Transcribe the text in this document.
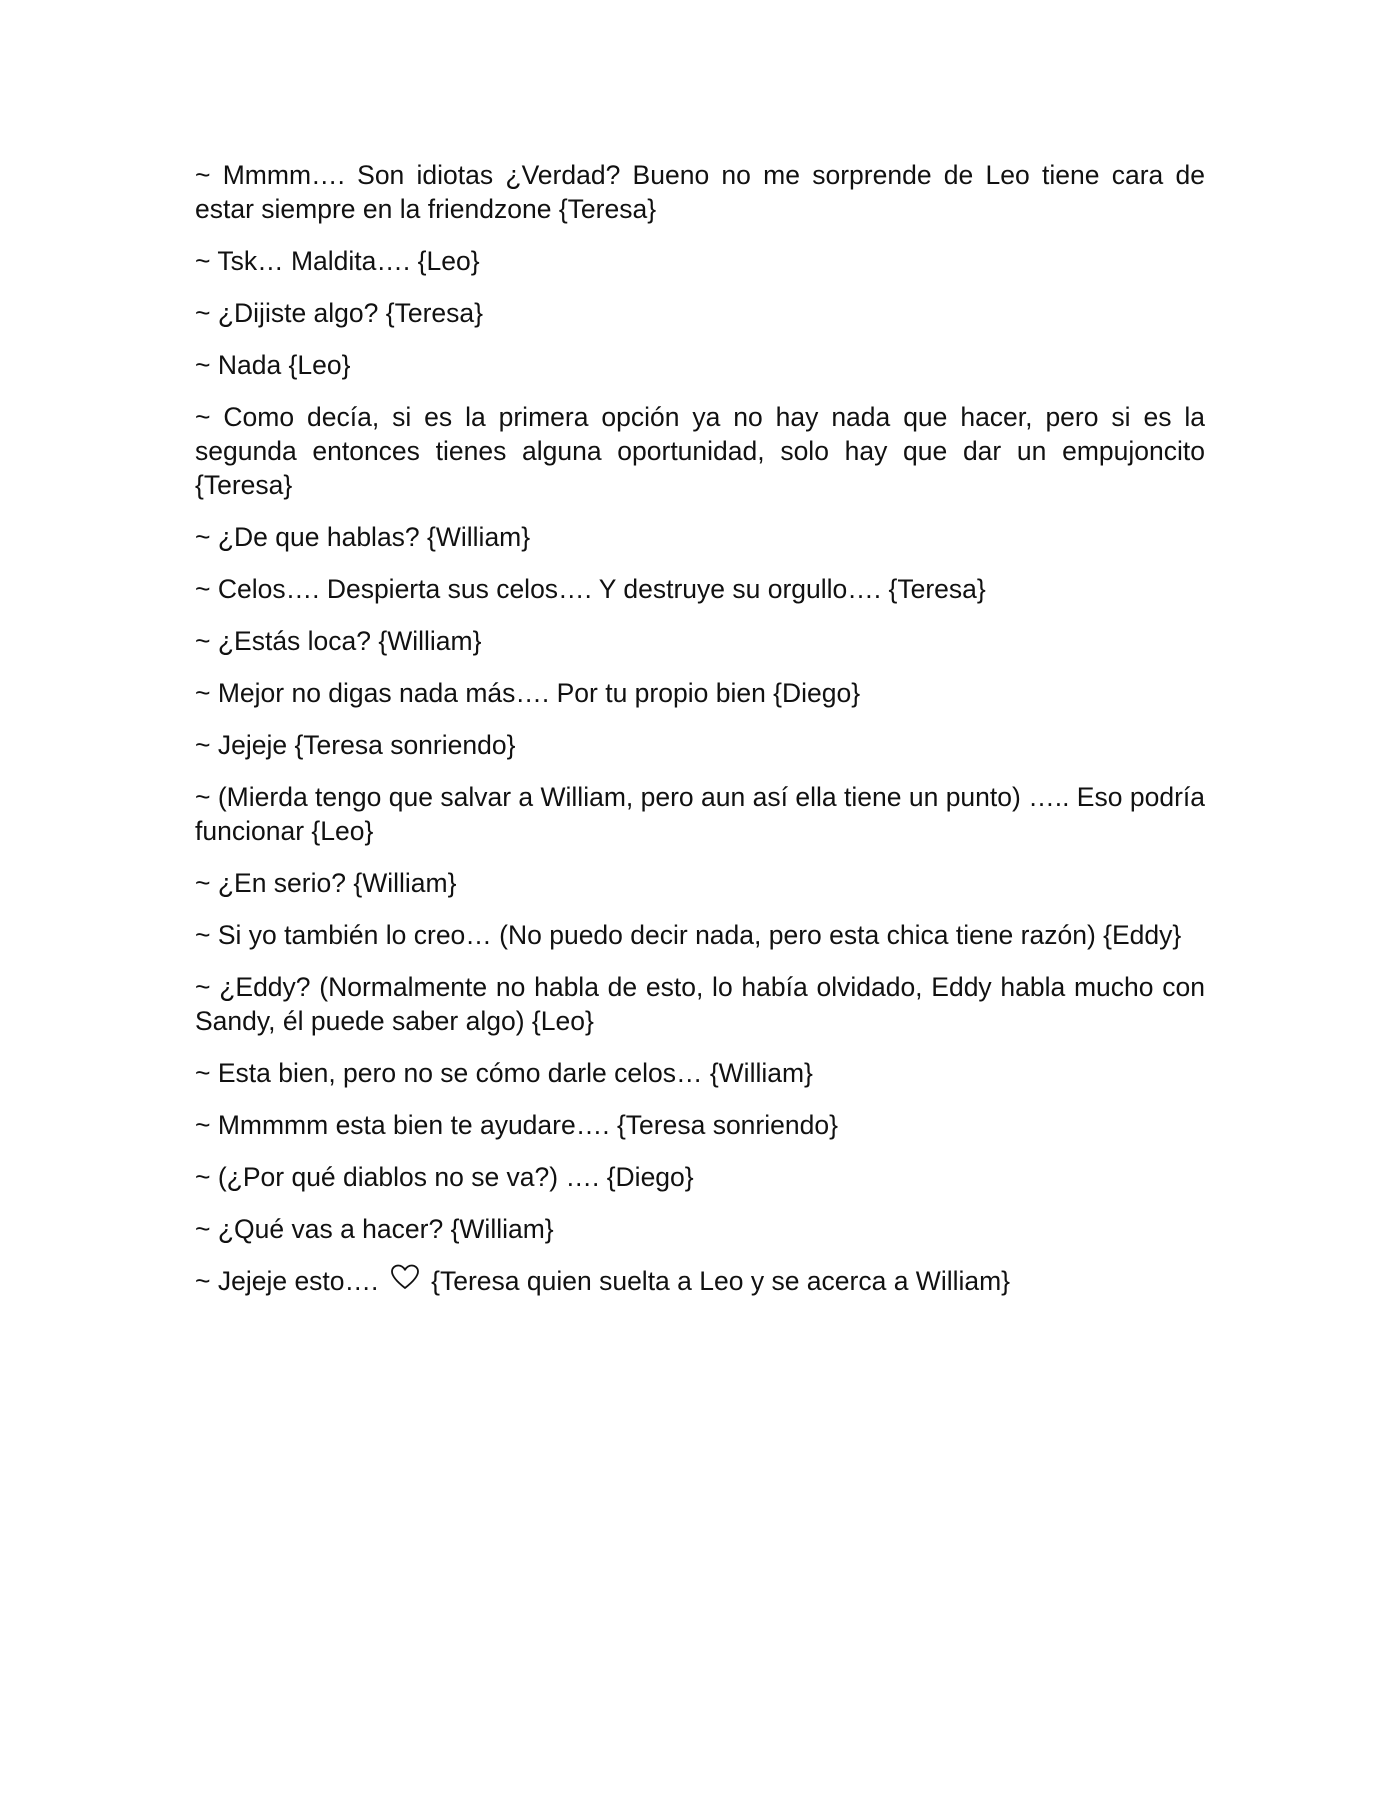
~ Mmmm…. Son idiotas ¿Verdad? Bueno no me sorprende de Leo tiene cara de estar siempre en la friendzone {Teresa}

~ Tsk… Maldita…. {Leo}

~ ¿Dijiste algo? {Teresa}

~ Nada {Leo}

~ Como decía, si es la primera opción ya no hay nada que hacer, pero si es la segunda entonces tienes alguna oportunidad, solo hay que dar un empujoncito {Teresa}

~ ¿De que hablas? {William}

~ Celos…. Despierta sus celos…. Y destruye su orgullo…. {Teresa}

~ ¿Estás loca? {William}

~ Mejor no digas nada más…. Por tu propio bien {Diego}

~ Jejeje {Teresa sonriendo}

~ (Mierda tengo que salvar a William, pero aun así ella tiene un punto) ….. Eso podría funcionar {Leo}

~ ¿En serio? {William}

~ Si yo también lo creo… (No puedo decir nada, pero esta chica tiene razón) {Eddy}

~ ¿Eddy? (Normalmente no habla de esto, lo había olvidado, Eddy habla mucho con Sandy, él puede saber algo) {Leo}

~ Esta bien, pero no se cómo darle celos… {William}

~ Mmmmm esta bien te ayudare…. {Teresa sonriendo}

~ (¿Por qué diablos no se va?) …. {Diego}

~ ¿Qué vas a hacer? {William}

~ Jejeje esto….  {Teresa quien suelta a Leo y se acerca a William}
